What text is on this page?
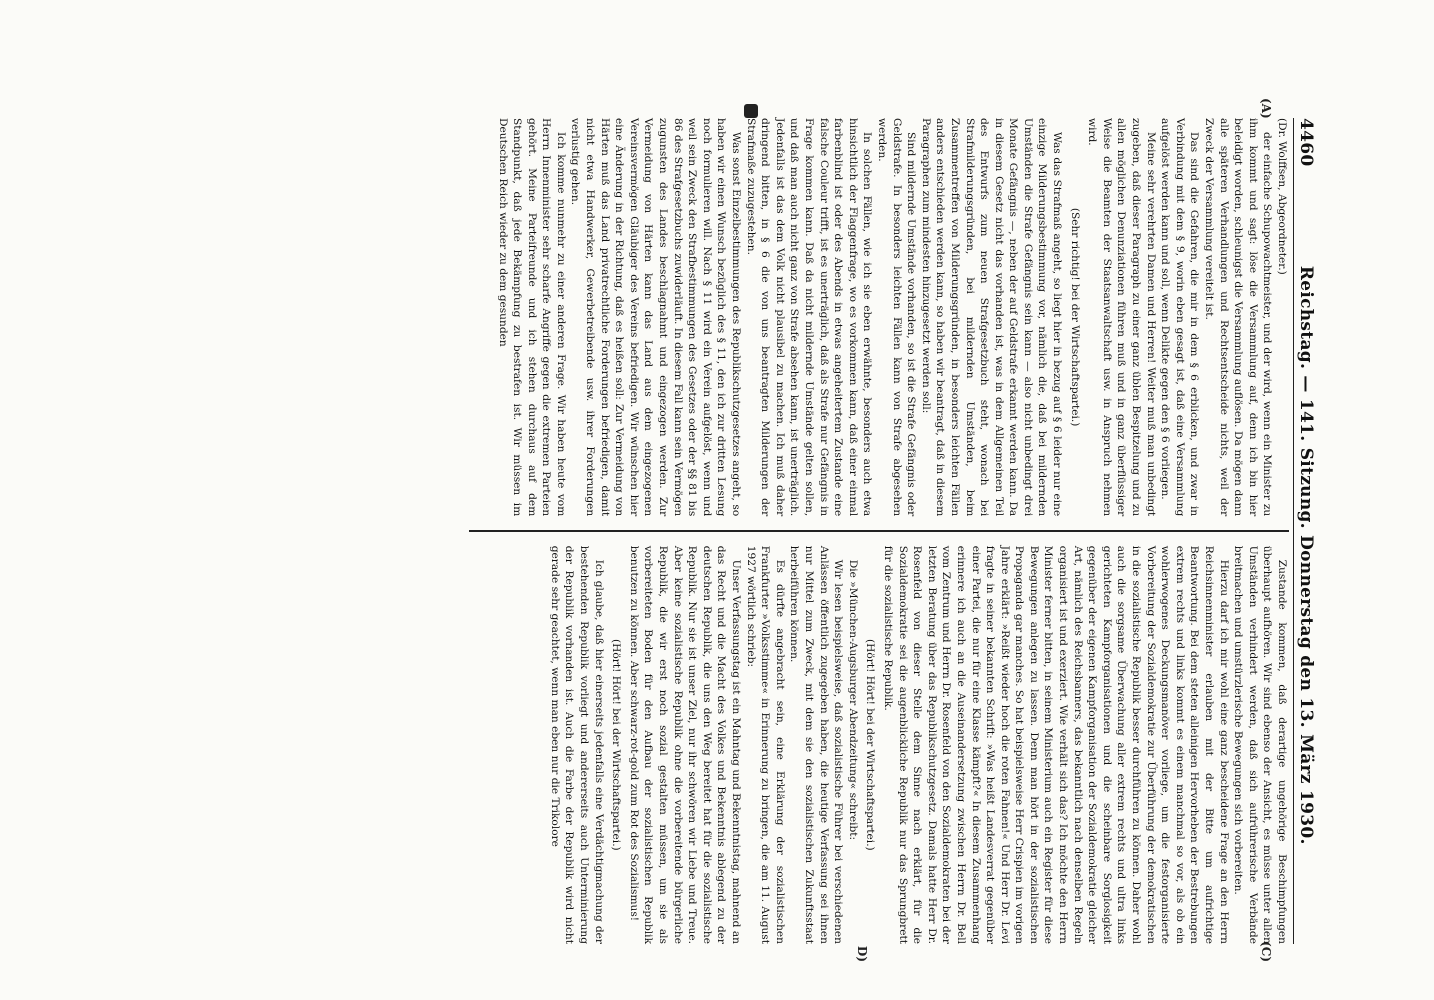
4460
Reichstag. — 141. Sitzung. Donnerstag den 13. März 1930.
(A)

(Dr. Wolffsen, Abgeordneter.)

der einfache Schupowachtmeister, und der wird, wenn ein Minister zu ihm kommt und sagt: löse die Versammlung auf, denn ich bin hier beleidigt worden, schleunigst die Versammlung auflösen. Da mögen dann alle späteren Verhandlungen und Rechtsentscheide nichts, weil der Zweck der Versammlung vereitelt ist.

Das sind die Gefahren, die mir in dem § 6 erblicken, und zwar in Verbindung mit dem § 9, worin eben gesagt ist, daß eine Versammlung aufgelöst werden kann und soll, wenn Delikte gegen den § 6 vorliegen.

Meine sehr verehrten Damen und Herren! Weiter muß man unbedingt zugeben, daß dieser Paragraph zu einer ganz üblen Bespitzelung und zu allen möglichen Denunziationen führen muß und in ganz überflüssiger Weise die Beamten der Staatsanwaltschaft usw. in Anspruch nehmen wird.

(Sehr richtig! bei der Wirtschaftspartei.)

Was das Strafmaß angeht, so liegt hier in bezug auf § 6 leider nur eine einzige Milderungsbestimmung vor, nämlich die, daß bei mildernden Umständen die Strafe Gefängnis sein kann — also nicht unbedingt drei Monate Gefängnis —, neben der auf Geldstrafe erkannt werden kann. Da in diesem Gesetz nicht das vorhanden ist, was in dem Allgemeinen Teil des Entwurfs zum neuen Strafgesetzbuch steht, wonach bei Strafmilderungsgründen, bei mildernden Umständen, beim Zusammentreffen von Milderungsgründen, in besonders leichten Fällen anders entschieden werden kann, so haben wir beantragt, daß in diesem Paragraphen zum mindesten hinzugesetzt werden soll:

Sind mildernde Umstände vorhanden, so ist die Strafe Gefängnis oder Geldstrafe. In besonders leichten Fällen kann von Strafe abgesehen werden.

In solchen Fällen, wie ich sie eben erwähnte, besonders auch etwa hinsichtlich der Flaggenfrage, wo es vorkommen kann, daß einer einmal farbenblind ist oder des Abends in etwas angeheitertem Zustande eine falsche Couleur trifft, ist es unerträglich, daß als Strafe nur Gefängnis in Frage kommen kann. Daß da nicht mildernde Umstände gelten sollen, und daß man auch nicht ganz von Strafe absehen kann, ist unerträglich. Jedenfalls ist das dem Volk nicht plausibel zu machen. Ich muß daher dringend bitten, in § 6 die von uns beantragten Milderungen der Strafmaße zuzugestehen.

Was sonst Einzelbestimmungen des Republikschutzgesetzes angeht, so haben wir einen Wunsch bezüglich des § 11, den ich zur dritten Lesung noch formulieren will. Nach § 11 wird ein Verein aufgelöst, wenn und weil sein Zweck den Strafbestimmungen des Gesetzes oder der §§ 81 bis 86 des Strafgesetzbuchs zuwiderläuft. In diesem Fall kann sein Vermögen zugunsten des Landes beschlagnahmt und eingezogen werden. Zur Vermeidung von Härten kann das Land aus dem eingezogenen Vereinsvermögen Gläubiger des Vereins befriedigen. Wir wünschen hier eine Änderung in der Richtung, daß es heißen soll: Zur Vermeidung von Härten muß das Land privatrechtliche Forderungen befriedigen, damit nicht etwa Handwerker, Gewerbetreibende usw. ihrer Forderungen verlustig gehen.

Ich komme nunmehr zu einer anderen Frage. Wir haben heute vom Herrn Innenminister sehr scharfe Angriffe gegen die extremen Parteien gehört. Meine Parteifreunde und ich stehen durchaus auf dem Standpunkt, daß jede Bekämpfung zu bestrafen ist. Wir müssen im Deutschen Reich wieder zu dem gesunden

(C)
D)

Zustande kommen, daß derartige ungehörige Beschimpfungen überhaupt aufhören. Wir sind ebenso der Ansicht, es müsse unter allen Umständen verhindert werden, daß sich aufrührerische Verbände breitmachen und umstürzlerische Bewegungen sich vorbereiten.

Hierzu darf ich mir wohl eine ganz bescheidene Frage an den Herrn Reichsinnenminister erlauben mit der Bitte um aufrichtige Beantwortung. Bei dem steten alleinigen Hervorheben der Bestrebungen extrem rechts und links kommt es einem manchmal so vor, als ob ein wohlerwogenes Deckungsmanöver vorliege, um die festorganisierte Vorbereitung der Sozialdemokratie zur Überführung der demokratischen in die sozialistische Republik besser durchführen zu können. Daher wohl auch die sorgsame Überwachung aller extrem rechts und ultra links gerichteten Kampforganisationen und die scheinbare Sorglosigkeit gegenüber der eigenen Kampforganisation der Sozialdemokratie gleicher Art, nämlich des Reichsbanners, das bekanntlich nach denselben Regeln organisiert ist und exerziert. Wie verhält sich das? Ich möchte den Herrn Minister ferner bitten, in seinem Ministerium auch ein Register für diese Bewegungen anlegen zu lassen. Denn man hört in der sozialistischen Propaganda gar manches. So hat beispielsweise Herr Crispien im vorigen Jahre erklärt: »Reißt wieder hoch die roten Fahnen!« Und Herr Dr. Levi fragte in seiner bekannten Schrift: »Was heißt Landesverrat gegenüber einer Partei, die nur für eine Klasse kämpft?« In diesem Zusammenhang erinnere ich auch an die Auseinandersetzung zwischen Herrn Dr. Bell vom Zentrum und Herrn Dr. Rosenfeld von den Sozialdemokraten bei der letzten Beratung über das Republikschutzgesetz. Damals hatte Herr Dr. Rosenfeld von dieser Stelle dem Sinne nach erklärt, für die Sozialdemokratie sei die augenblickliche Republik nur das Sprungbrett für die sozialistische Republik.

(Hört! Hört! bei der Wirtschaftspartei.)

Die »München-Augsburger Abendzeitung« schreibt:

Wir lesen beispielsweise, daß sozialistische Führer bei verschiedenen Anlässen öffentlich zugegeben haben, die heutige Verfassung sei ihnen nur Mittel zum Zweck, mit dem sie den sozialistischen Zukunftsstaat herbeiführen können.

Es dürfte angebracht sein, eine Erklärung der sozialistischen Frankfurter »Volksstimme« in Erinnerung zu bringen, die am 11. August 1927 wörtlich schrieb:

Unser Verfassungstag ist ein Mahntag und Bekenntnistag, mahnend an das Recht und die Macht des Volkes und Bekenntnis ablegend zu der deutschen Republik, die uns den Weg bereitet hat für die sozialistische Republik. Nur sie ist unser Ziel, nur ihr schwören wir Liebe und Treue. Aber keine sozialistische Republik ohne die vorbereitende bürgerliche Republik, die wir erst noch sozial gestalten müssen, um sie als vorbereiteten Boden für den Aufbau der sozialistischen Republik benutzen zu können. Aber schwarz-rot-gold zum Rot des Sozialismus!

(Hört! Hört! bei der Wirtschaftspartei.)

Ich glaube, daß hier einerseits jedenfalls eine Verdächtigmachung der bestehenden Republik vorliegt und andererseits auch Unterminierung der Republik vorhanden ist. Auch die Farbe der Republik wird nicht gerade sehr geachtet, wenn man eben nur die Trikolore
